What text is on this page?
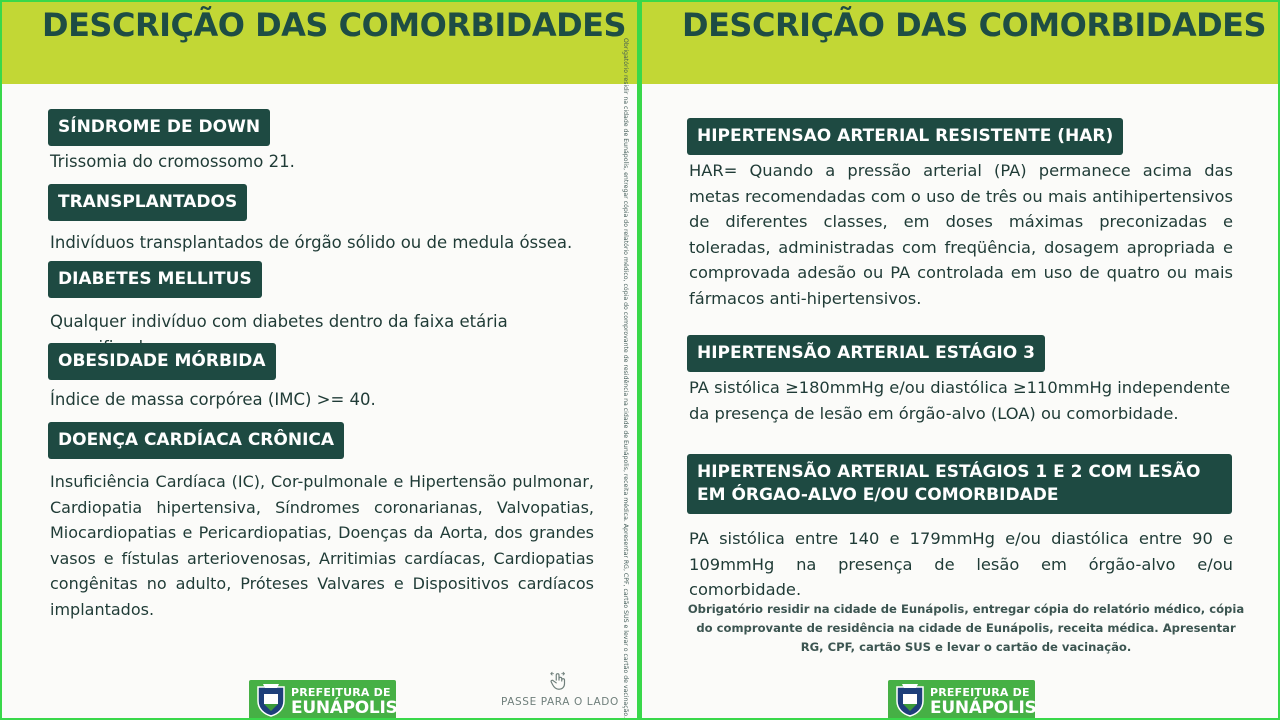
DESCRIÇÃO DAS COMORBIDADES
SÍNDROME DE DOWN
Trissomia do cromossomo 21.
TRANSPLANTADOS
Indivíduos transplantados de órgão sólido ou de medula óssea.
DIABETES MELLITUS
Qualquer indivíduo com diabetes dentro da faixa etária
OBESIDADE MÓRBIDA
Índice de massa corpórea (IMC) >= 40.
DOENÇA CARDÍACA CRÔNICA
Insuficiência Cardíaca (IC), Cor-pulmonale e Hipertensão pulmonar, Cardiopatia hipertensiva, Síndromes coronarianas, Valvopatias, Miocardiopatias e Pericardiopatias, Doenças da Aorta, dos grandes vasos e fístulas arteriovenosas, Arritimias cardíacas, Cardiopatias congênitas no adulto, Próteses Valvares e Dispositivos cardíacos implantados.	Obrigatório residir na cidade de Eunápolis, entregar cópia do relatório médico, cópia do comprovante de residência na cidade de Eunápolis, receita médica. Apresentar RG, CPF, cartão SUS e levar o cartão de vacinação.
PASSE PARA O LADO
PREFEITURA DE
EUNÁPOLIS
DESCRIÇÃO DAS COMORBIDADES
HIPERTENSAO ARTERIAL RESISTENTE (HAR)
HAR= Quando a pressão arterial (PA) permanece acima das metas recomendadas com o uso de três ou mais antihipertensivos de diferentes classes, em doses máximas preconizadas e toleradas, administradas com freqüência, dosagem apropriada e comprovada adesão ou PA controlada em uso de quatro ou mais fármacos anti-hipertensivos.
HIPERTENSÃO ARTERIAL ESTÁGIO 3
PA sistólica ≥180mmHg e/ou diastólica ≥110mmHg independente da presença de lesão em órgão-alvo (LOA) ou comorbidade.
HIPERTENSÃO ARTERIAL ESTÁGIOS 1 E 2 COM LESÃO EM ÓRGAO-ALVO E/OU COMORBIDADE
PA sistólica entre 140 e 179mmHg e/ou diastólica entre 90 e 109mmHg na presença de lesão em órgão-alvo e/ou comorbidade.
Obrigatório residir na cidade de Eunápolis, entregar cópia do relatório médico, cópia do comprovante de residência na cidade de Eunápolis, receita médica. Apresentar RG, CPF, cartão SUS e levar o cartão de vacinação.
PREFEITURA DE
EUNÁPOLIS
